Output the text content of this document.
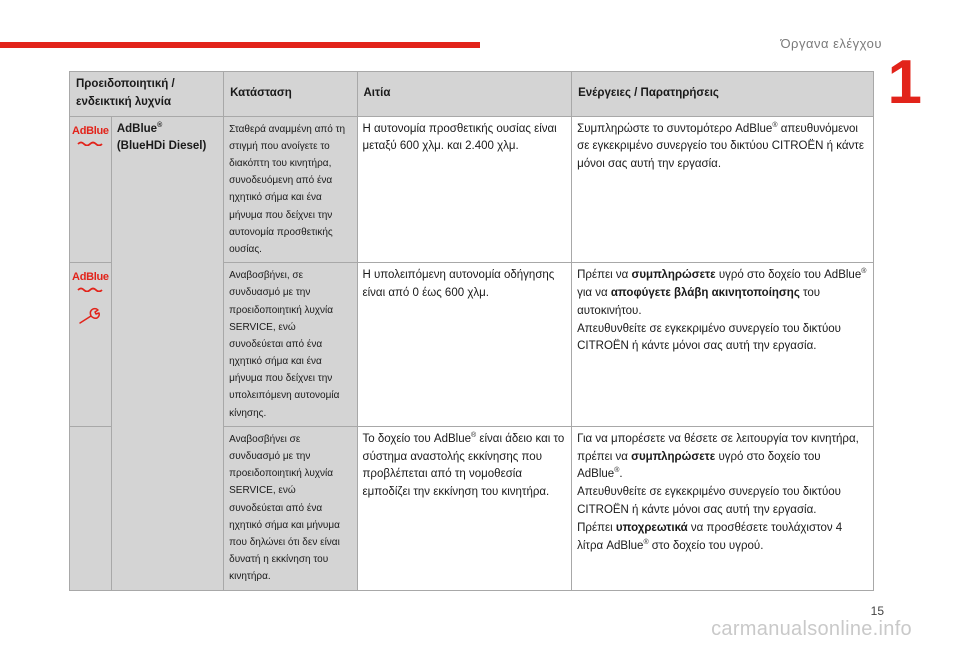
Όργανα ελέγχου
1
Προειδοποιητική / ενδεικτική λυχνία		Κατάσταση	Αιτία	Ενέργειες / Παρατηρήσεις

AdBlue	AdBlue®
(BlueHDi Diesel)	Σταθερά αναμμένη από τη στιγμή που ανοίγετε το διακόπτη του κινητήρα, συνοδευόμενη από ένα ηχητικό σήμα και ένα μήνυμα που δείχνει την αυτονομία προσθετικής ουσίας.	Η αυτονομία προσθετικής ουσίας είναι μεταξύ 600 χλμ. και 2.400 χλμ.	Συμπληρώστε το συντομότερο AdBlue® απευθυνόμενοι σε εγκεκριμένο συνεργείο του δικτύου CITROËN ή κάντε μόνοι σας αυτή την εργασία.

AdBlue		Αναβοσβήνει, σε συνδυασμό με την προειδοποιητική λυχνία SERVICE, ενώ συνοδεύεται από ένα ηχητικό σήμα και ένα μήνυμα που δείχνει την υπολειπόμενη αυτονομία κίνησης.	Η υπολειπόμενη αυτονομία οδήγησης είναι από 0 έως 600 χλμ.	Πρέπει να συμπληρώσετε υγρό στο δοχείο του AdBlue® για να αποφύγετε βλάβη ακινητοποίησης του αυτοκινήτου.
Απευθυνθείτε σε εγκεκριμένο συνεργείο του δικτύου CITROËN ή κάντε μόνοι σας αυτή την εργασία.
		Αναβοσβήνει σε συνδυασμό με την προειδοποιητική λυχνία SERVICE, ενώ συνοδεύεται από ένα ηχητικό σήμα και μήνυμα που δηλώνει ότι δεν είναι δυνατή η εκκίνηση του κινητήρα.	Το δοχείο του AdBlue® είναι άδειο και το σύστημα αναστολής εκκίνησης που προβλέπεται από τη νομοθεσία εμποδίζει την εκκίνηση του κινητήρα.	Για να μπορέσετε να θέσετε σε λειτουργία τον κινητήρα, πρέπει να συμπληρώσετε υγρό στο δοχείο του AdBlue®.
Απευθυνθείτε σε εγκεκριμένο συνεργείο του δικτύου CITROËN ή κάντε μόνοι σας αυτή την εργασία.
Πρέπει υποχρεωτικά να προσθέσετε τουλάχιστον 4 λίτρα AdBlue® στο δοχείο του υγρού.
15
carmanualsonline.info
